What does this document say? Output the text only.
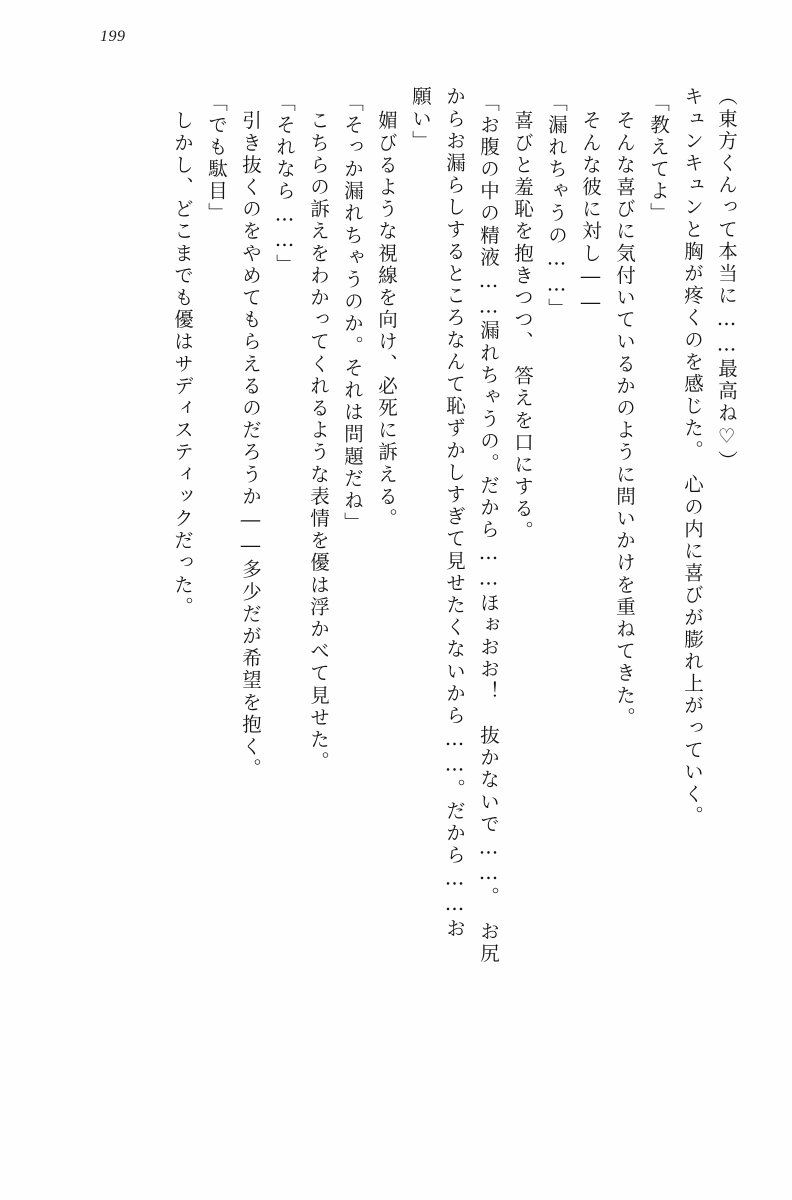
199
（東方くんって本当に……最高ね♡）
キュンキュンと胸が疼くのを感じた。　心の内に喜びが膨れ上がっていく。
「教えてよ」
そんな喜びに気付いているかのように問いかけを重ねてきた。
そんな彼に対し――
「漏れちゃうの……」
喜びと羞恥を抱きつつ、　答えを口にする。
「お腹の中の精液……漏れちゃうの。だから……ほぉおお！　抜かないで……。　お尻
からお漏らしするところなんて恥ずかしすぎて見せたくないから……。だから……お
願い」
媚びるような視線を向け、必死に訴える。
「そっか漏れちゃうのか。それは問題だね」
こちらの訴えをわかってくれるような表情を優は浮かべて見せた。
「それなら……」
引き抜くのをやめてもらえるのだろうか――多少だが希望を抱く。
「でも駄目」
しかし、どこまでも優はサディスティックだった。
